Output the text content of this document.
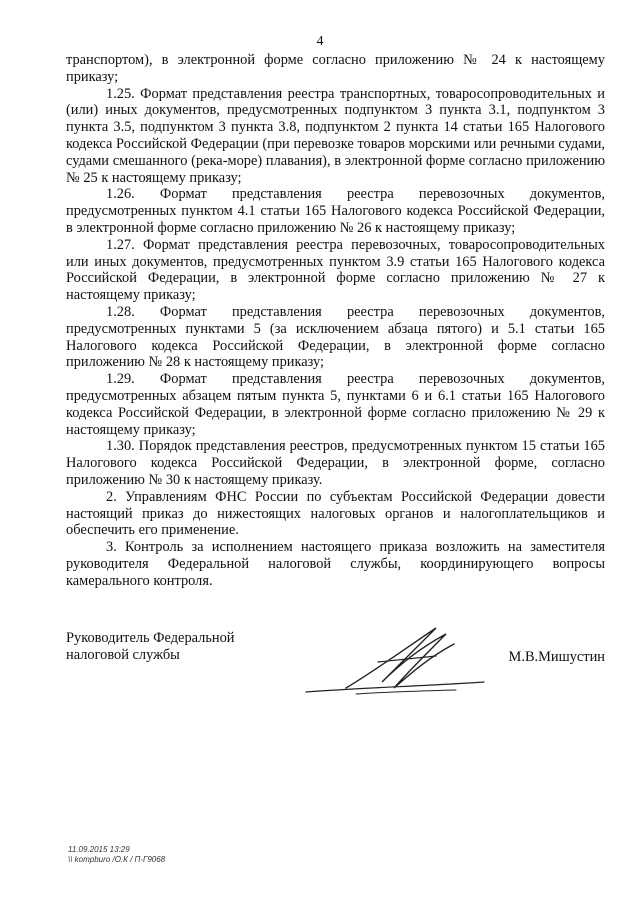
4

транспортом), в электронной форме согласно приложению № 24 к настоящему приказу;

1.25. Формат представления реестра транспортных, товаросопроводительных и (или) иных документов, предусмотренных подпунктом 3 пункта 3.1, подпунктом 3 пункта 3.5, подпунктом 3 пункта 3.8, подпунктом 2 пункта 14 статьи 165 Налогового кодекса Российской Федерации (при перевозке товаров морскими или речными судами, судами смешанного (река-море) плавания), в электронной форме согласно приложению № 25 к настоящему приказу;

1.26. Формат представления реестра перевозочных документов, предусмотренных пунктом 4.1 статьи 165 Налогового кодекса Российской Федерации, в электронной форме согласно приложению № 26 к настоящему приказу;

1.27. Формат представления реестра перевозочных, товаросопроводительных или иных документов, предусмотренных пунктом 3.9 статьи 165 Налогового кодекса Российской Федерации, в электронной форме согласно приложению № 27 к настоящему приказу;

1.28. Формат представления реестра перевозочных документов, предусмотренных пунктами 5 (за исключением абзаца пятого) и 5.1 статьи 165 Налогового кодекса Российской Федерации, в электронной форме согласно приложению № 28 к настоящему приказу;

1.29. Формат представления реестра перевозочных документов, предусмотренных абзацем пятым пункта 5, пунктами 6 и 6.1 статьи 165 Налогового кодекса Российской Федерации, в электронной форме согласно приложению № 29 к настоящему приказу;

1.30. Порядок представления реестров, предусмотренных пунктом 15 статьи 165 Налогового кодекса Российской Федерации, в электронной форме, согласно приложению № 30 к настоящему приказу.

2. Управлениям ФНС России по субъектам Российской Федерации довести настоящий приказ до нижестоящих налоговых органов и налогоплательщиков и обеспечить его применение.

3. Контроль за исполнением настоящего приказа возложить на заместителя руководителя Федеральной налоговой службы, координирующего вопросы камерального контроля.

Руководитель Федеральной
налоговой службы	М.В.Мишустин
11.09.2015 13:29
\\ kompburo /О.К / П-Г9068
